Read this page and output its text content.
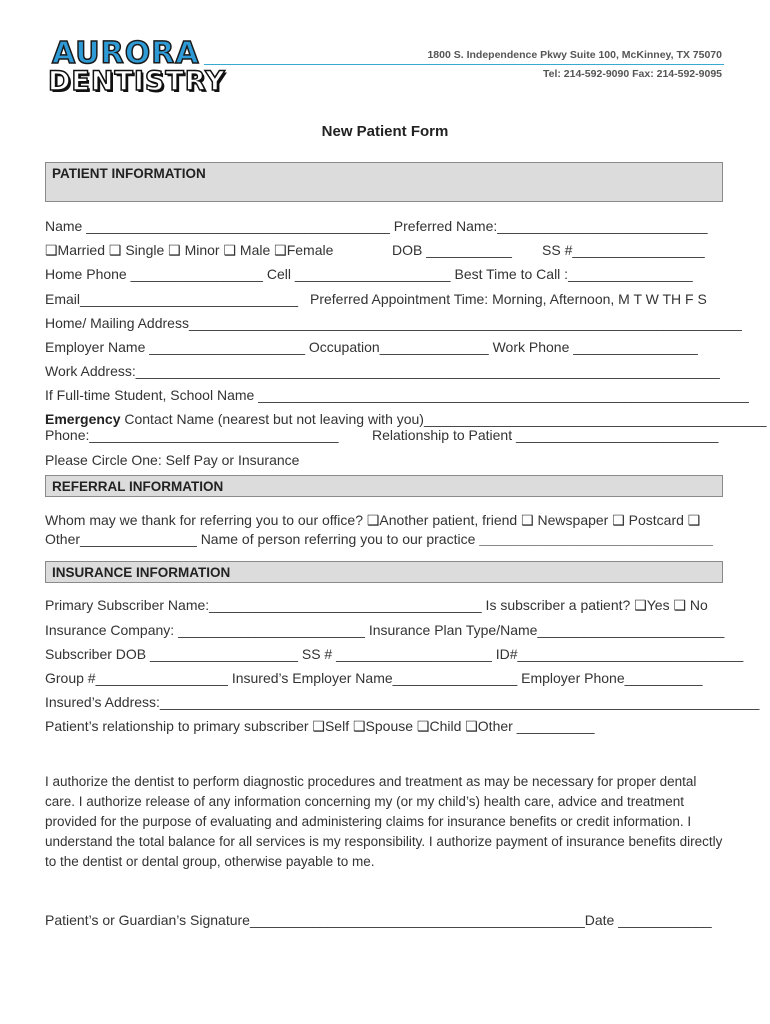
AURORA
DENTISTRY
1800 S. Independence Pkwy Suite 100, McKinney, TX 75070
Tel: 214-592-9090 Fax: 214-592-9095
New Patient Form
PATIENT INFORMATION
Name _______________________________________ Preferred Name:___________________________
❑Married ❑ Single ❑ Minor ❑ Male ❑Female	DOB ___________ SS #_________________
Home Phone _________________ Cell ____________________ Best Time to Call :________________
Email____________________________ Preferred Appointment Time: Morning, Afternoon, M T W TH F S
Home/ Mailing Address_______________________________________________________________________
Employer Name ____________________ Occupation______________ Work Phone ________________
Work Address:___________________________________________________________________________
If Full-time Student, School Name _______________________________________________________________
Emergency Contact Name (nearest but not leaving with you)____________________________________________
Phone:________________________________ Relationship to Patient __________________________
Please Circle One: Self Pay or Insurance
REFERRAL INFORMATION
Whom may we thank for referring you to our office? ❑Another patient, friend ❑ Newspaper ❑ Postcard ❑
Other_______________ Name of person referring you to our practice ______________________________
INSURANCE INFORMATION
Primary Subscriber Name:___________________________________ Is subscriber a patient? ❑Yes ❑ No
Insurance Company: ________________________ Insurance Plan Type/Name________________________
Subscriber DOB ___________________ SS # ____________________ ID#_____________________________
Group #_________________ Insured’s Employer Name________________ Employer Phone__________
Insured’s Address:_____________________________________________________________________________
Patient’s relationship to primary subscriber ❑Self ❑Spouse ❑Child ❑Other __________
I authorize the dentist to perform diagnostic procedures and treatment as may be necessary for proper dental care. I authorize release of any information concerning my (or my child’s) health care, advice and treatment provided for the purpose of evaluating and administering claims for insurance benefits or credit information. I understand the total balance for all services is my responsibility. I authorize payment of insurance benefits directly to the dentist or dental group, otherwise payable to me.
Patient’s or Guardian’s Signature___________________________________________Date ____________
